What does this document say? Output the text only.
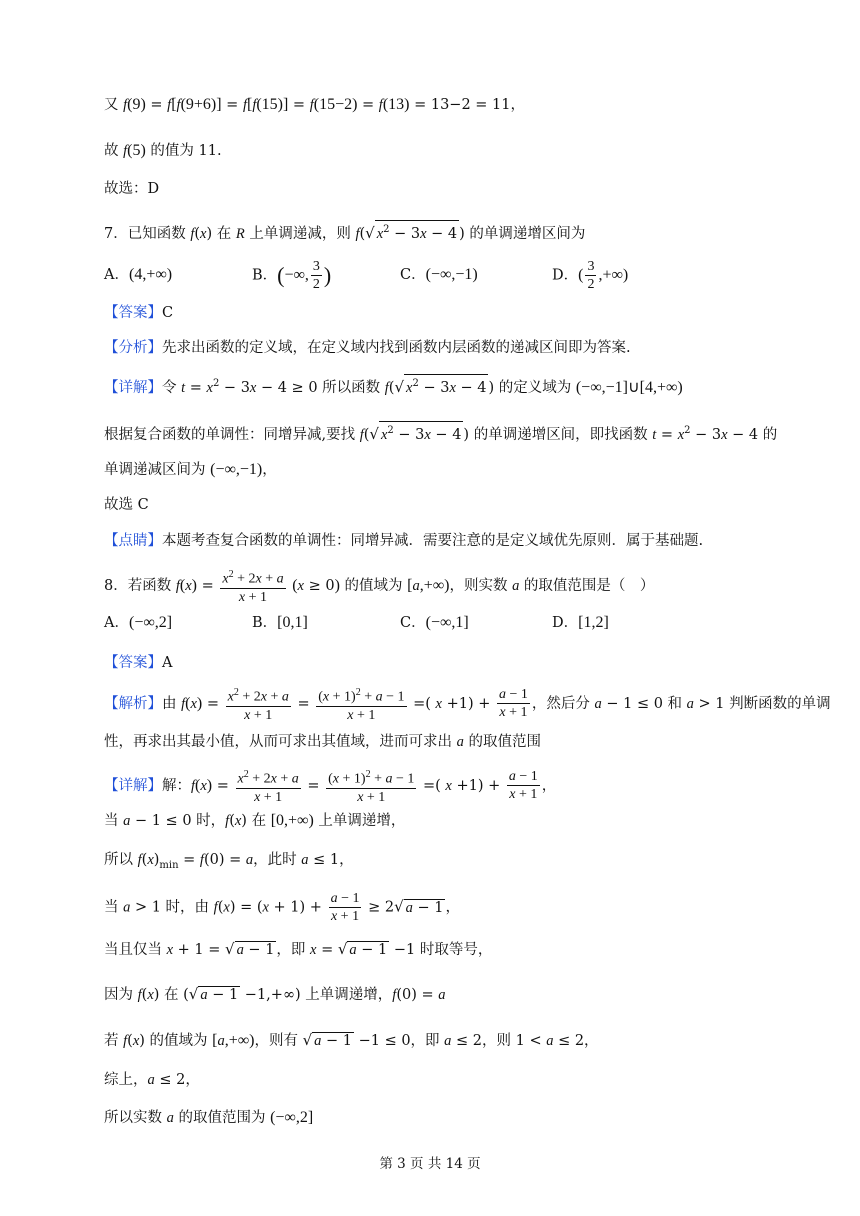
又 f(9) = f[f(9+6)] = f[f(15)] = f(15−2) = f(13) = 13−2 = 11，
故 f(5) 的值为 11.
故选：D
7．已知函数 f(x) 在 R 上单调递减，则 f(√ $x^2 - 3x - 4$ ) 的单调递增区间为
A．(4,+∞)	B．(−∞, $\frac{3}{2}$ )	C．(−∞,−1)	D．( $\frac{3}{2}$ ,+∞)
【答案】C
【分析】先求出函数的定义域，在定义域内找到函数内层函数的递减区间即为答案.
【详解】令 $t = x^2 - 3x - 4 \ge 0$ 所以函数 f(√ $x^2 - 3x - 4$ ) 的定义域为 (−∞,−1]∪[4,+∞)
根据复合函数的单调性：同增异减,要找 f(√ $x^2 - 3x - 4$ ) 的单调递增区间，即找函数 $t = x^2 - 3x - 4$ 的
单调递减区间为 (−∞,−1)，
故选 C
【点睛】本题考查复合函数的单调性：同增异减．需要注意的是定义域优先原则．属于基础题.
8．若函数 $f(x) = \frac{x^2 + 2x + a}{x + 1} (x \ge 0)$ 的值域为 [a,+∞)，则实数 a 的取值范围是（　）
A．(−∞,2]	B．[0,1]	C．(−∞,1]	D．[1,2]
【答案】A
【解析】由 $f(x) = \frac{x^2 + 2x + a}{x + 1} = \frac{(x + 1)^2 + a - 1}{x + 1}$ =( $x +1) + \frac{a - 1}{x + 1}$ ，然后分 a − 1 ≤ 0 和 a > 1 判断函数的单调
性，再求出其最小值，从而可求出其值域，进而可求出 a 的取值范围
【详解】解：$f(x) = \frac{x^2 + 2x + a}{x + 1} = \frac{(x + 1)^2 + a - 1}{x + 1}$ =( $x +1) + \frac{a - 1}{x + 1}$ ，
当 a − 1 ≤ 0 时，f(x) 在 [0,+∞) 上单调递增，
所以 $f(x)_{min} = f(0) = a$，此时 a ≤ 1，
当 a > 1 时，由 $f(x) = (x + 1) + \frac{a - 1}{x + 1} \ge 2√$ a − 1 ，
当且仅当 x + 1 = √ a − 1 ，即 x = √ a − 1 −1 时取等号，
因为 f(x) 在 (√ a − 1 −1,+∞) 上单调递增，f(0) = a
若 f(x) 的值域为 [a,+∞)，则有 √ a − 1 −1 ≤ 0，即 a ≤ 2，则 1 < a ≤ 2，
综上，a ≤ 2，
所以实数 a 的取值范围为 (−∞,2]
第 3 页 共 14 页
